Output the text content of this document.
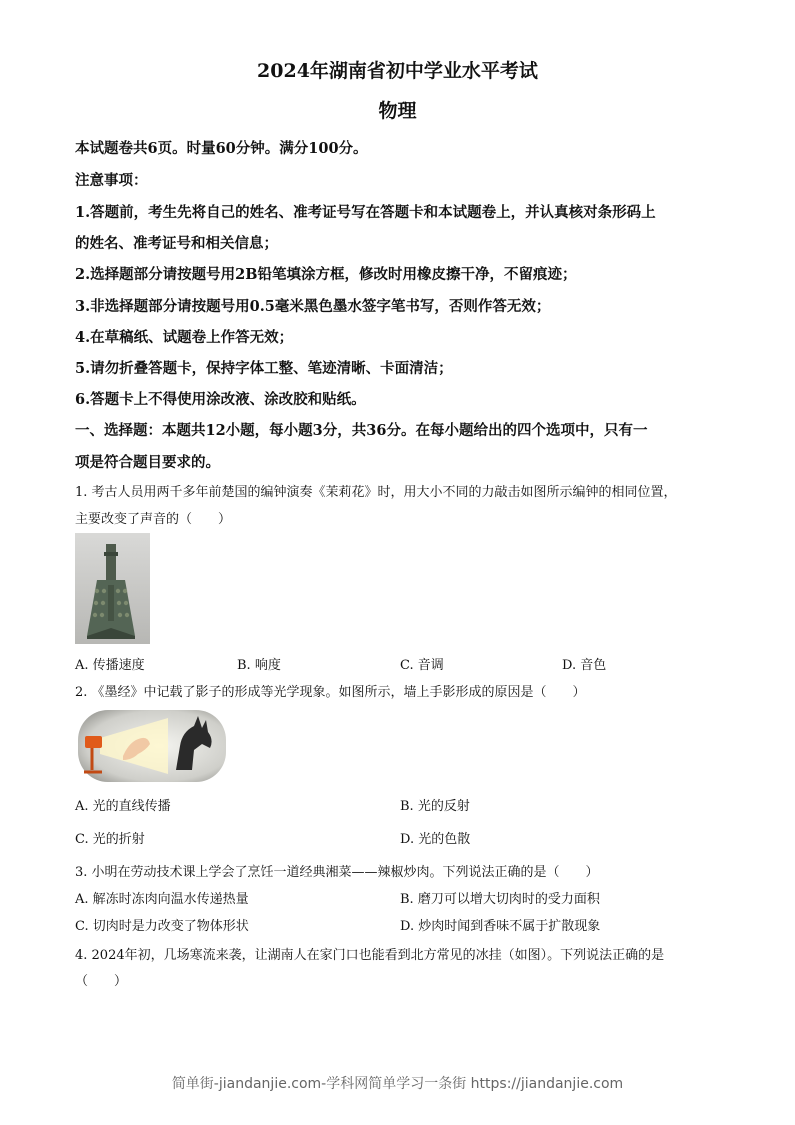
2024年湖南省初中学业水平考试
物理
本试题卷共6页。时量60分钟。满分100分。
注意事项：
1.答题前，考生先将自己的姓名、准考证号写在答题卡和本试题卷上，并认真核对条形码上
的姓名、准考证号和相关信息；
2.选择题部分请按题号用2B铅笔填涂方框，修改时用橡皮擦干净，不留痕迹；
3.非选择题部分请按题号用0.5毫米黑色墨水签字笔书写，否则作答无效；
4.在草稿纸、试题卷上作答无效；
5.请勿折叠答题卡，保持字体工整、笔迹清晰、卡面清洁；
6.答题卡上不得使用涂改液、涂改胶和贴纸。
一、选择题：本题共12小题，每小题3分，共36分。在每小题给出的四个选项中，只有一
项是符合题目要求的。
1. 考古人员用两千多年前楚国的编钟演奏《茉莉花》时，用大小不同的力敲击如图所示编钟的相同位置，
主要改变了声音的（　　）
A. 传播速度	B. 响度	C. 音调	D. 音色
2. 《墨经》中记载了影子的形成等光学现象。如图所示，墙上手影形成的原因是（　　）
A. 光的直线传播	B. 光的反射
C. 光的折射	D. 光的色散
3. 小明在劳动技术课上学会了烹饪一道经典湘菜——辣椒炒肉。下列说法正确的是（　　）
A. 解冻时冻肉向温水传递热量	B. 磨刀可以增大切肉时的受力面积
C. 切肉时是力改变了物体形状	D. 炒肉时闻到香味不属于扩散现象
4. 2024年初，几场寒流来袭，让湖南人在家门口也能看到北方常见的冰挂（如图）。下列说法正确的是
（　　）
简单街-jiandanjie.com-学科网简单学习一条街 https://jiandanjie.com
